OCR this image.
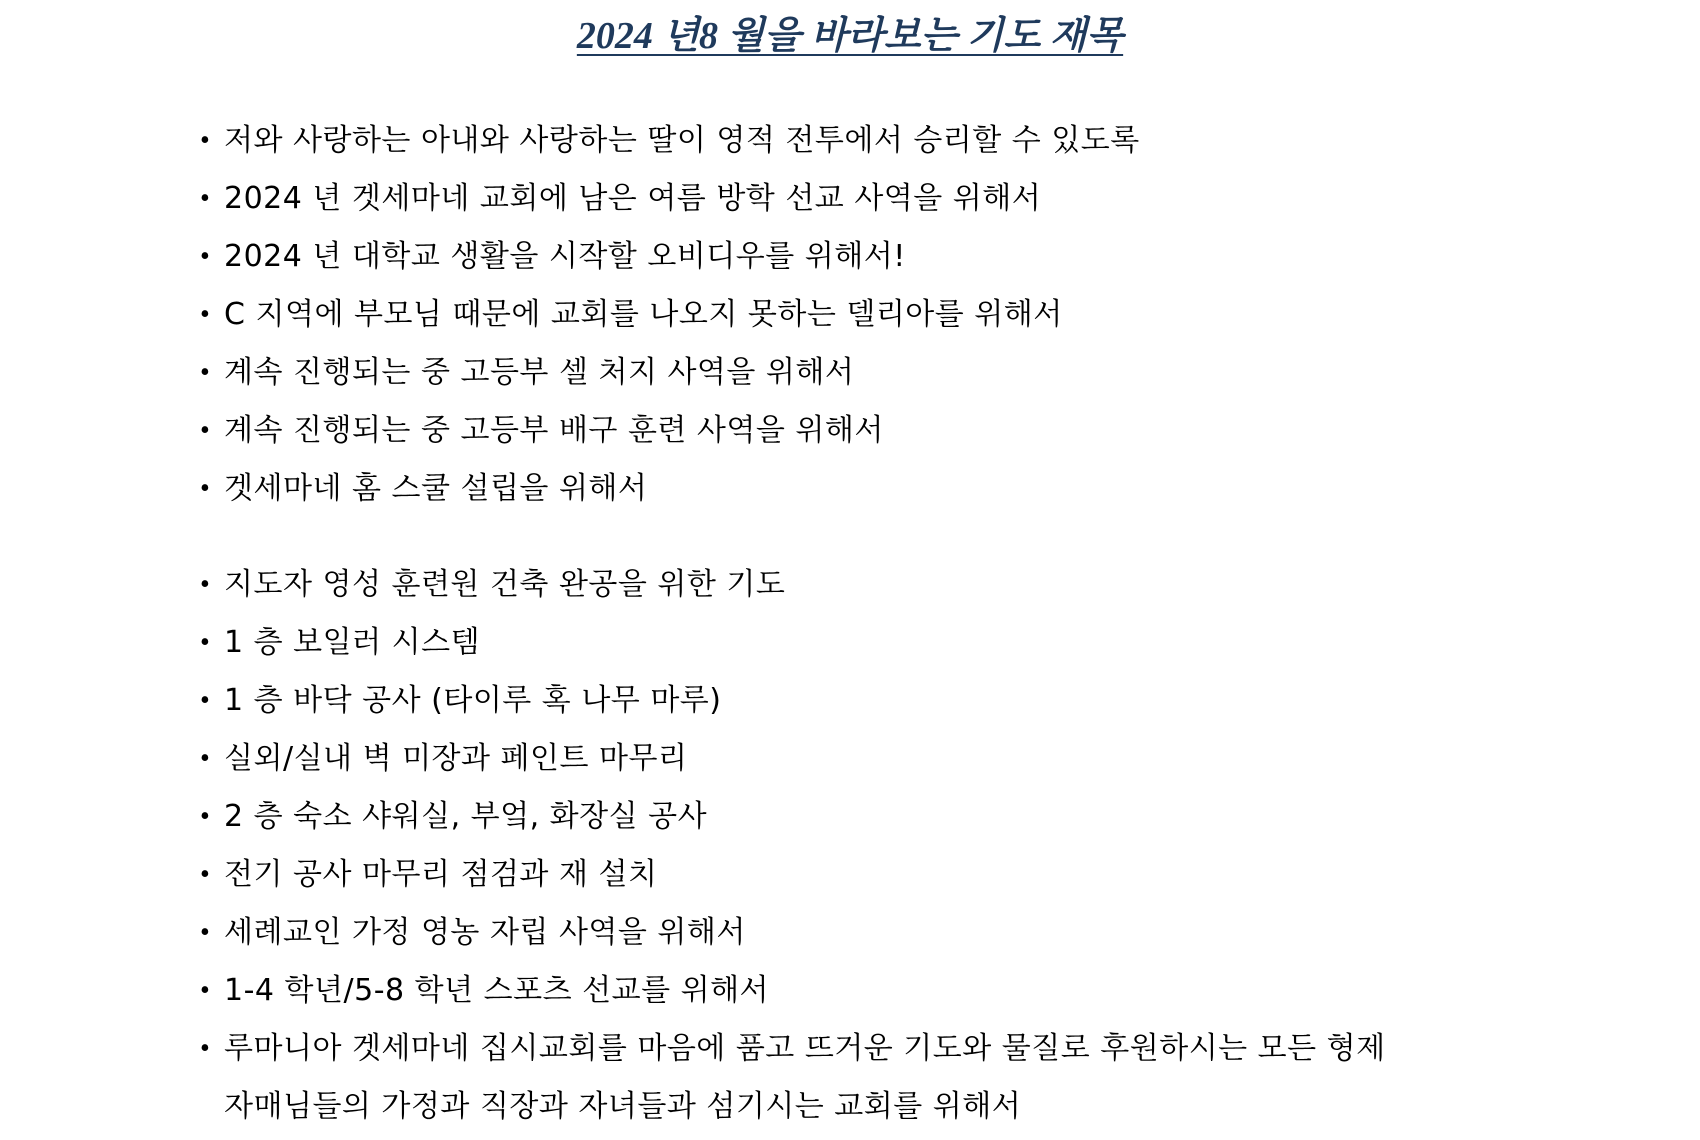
2024 년8 월을 바라보는 기도 재목
• 저와 사랑하는 아내와 사랑하는 딸이 영적 전투에서 승리할 수 있도록
• 2024 년 겟세마네 교회에 남은 여름 방학 선교 사역을 위해서
• 2024 년 대학교 생활을 시작할 오비디우를 위해서!
• C 지역에 부모님 때문에 교회를 나오지 못하는 델리아를 위해서
• 계속 진행되는 중 고등부 셀 처지 사역을 위해서
• 계속 진행되는 중 고등부 배구 훈련 사역을 위해서
• 겟세마네 홈 스쿨 설립을 위해서
• 지도자 영성 훈련원 건축 완공을 위한 기도
• 1 층 보일러 시스템
• 1 층 바닥 공사 (타이루 혹 나무 마루)
• 실외/실내 벽 미장과 페인트 마무리
• 2 층 숙소 샤워실, 부엌, 화장실 공사
• 전기 공사 마무리 점검과 재 설치
• 세례교인 가정 영농 자립 사역을 위해서
• 1-4 학년/5-8 학년 스포츠 선교를 위해서
• 루마니아 겟세마네 집시교회를 마음에 품고 뜨거운 기도와 물질로 후원하시는 모든 형제
자매님들의 가정과 직장과 자녀들과 섬기시는 교회를 위해서
